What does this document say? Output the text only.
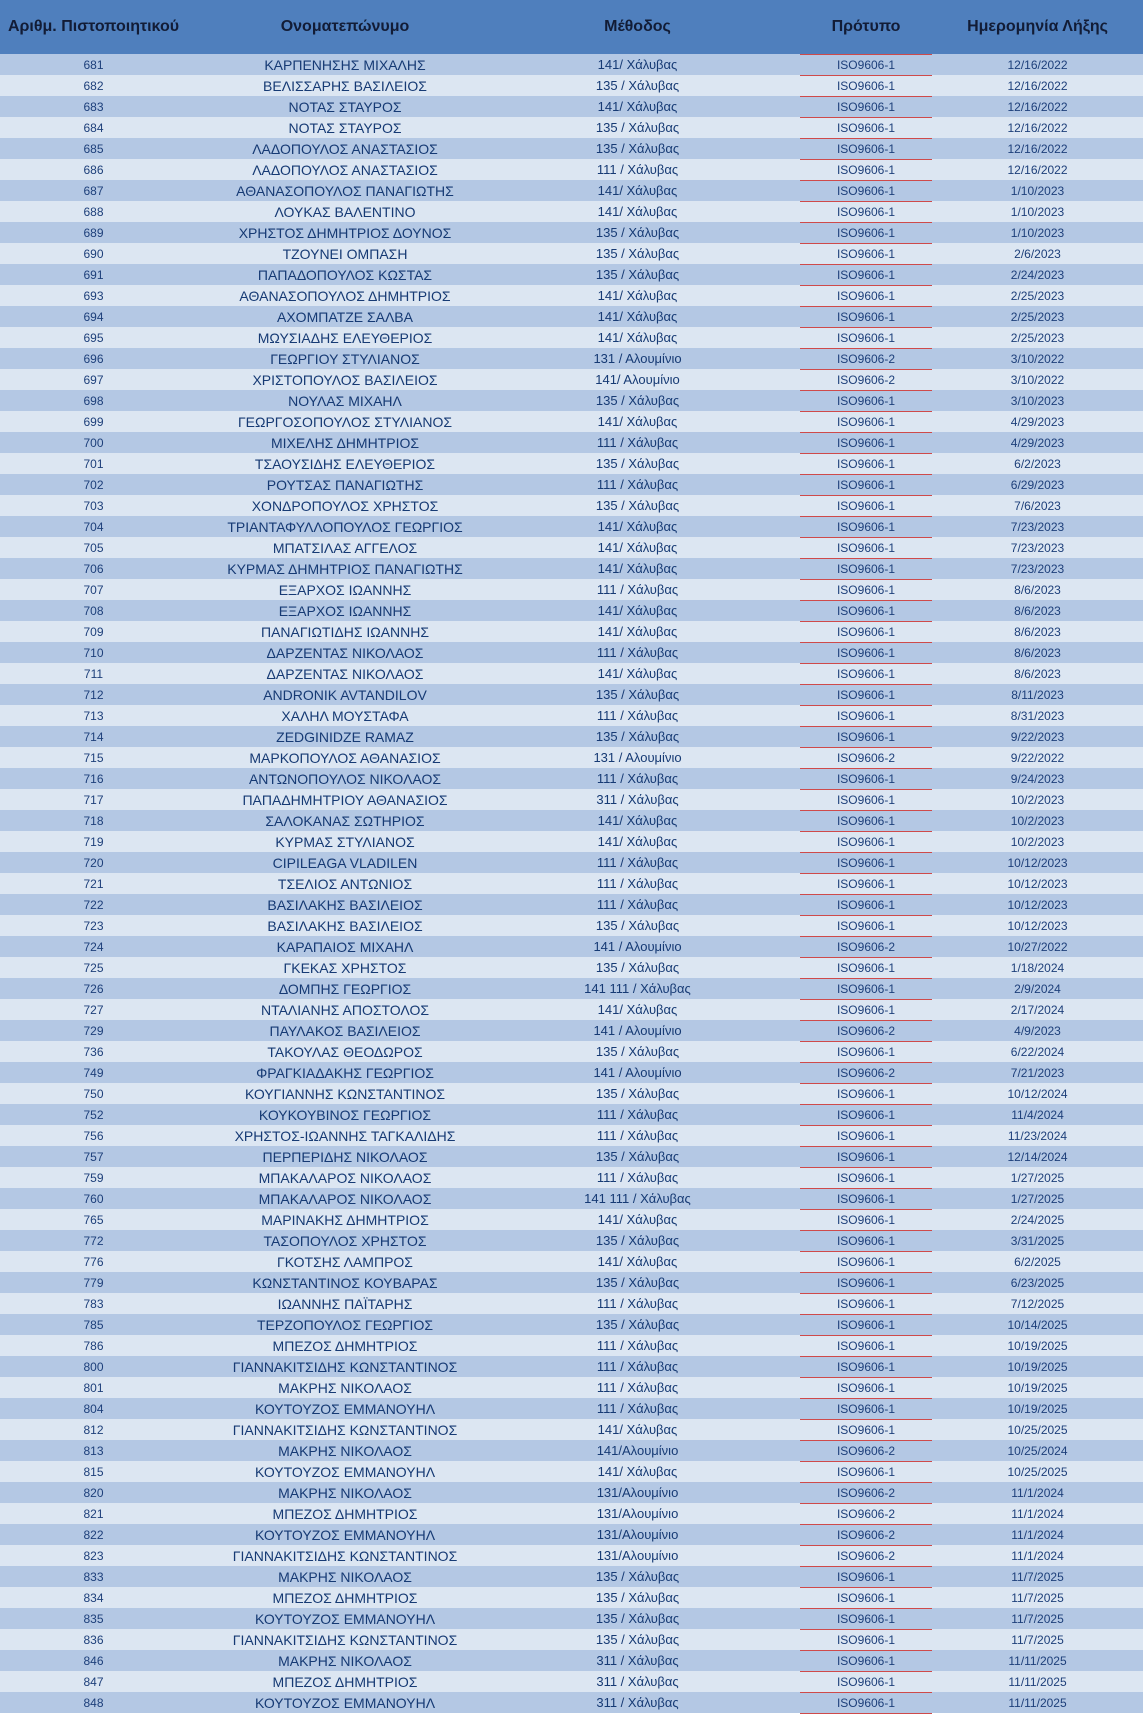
Αριθμ. Πιστοποιητικού	Ονοματεπώνυμο	Μέθοδος	Πρότυπο	Ημερομηνία Λήξης
681	ΚΑΡΠΕΝΗΣΗΣ ΜΙΧΑΛΗΣ	141/ Χάλυβας	ISO9606-1	12/16/2022
682	ΒΕΛΙΣΣΑΡΗΣ ΒΑΣΙΛΕΙΟΣ	135 / Χάλυβας	ISO9606-1	12/16/2022
683	ΝΟΤΑΣ ΣΤΑΥΡΟΣ	141/ Χάλυβας	ISO9606-1	12/16/2022
684	ΝΟΤΑΣ ΣΤΑΥΡΟΣ	135 / Χάλυβας	ISO9606-1	12/16/2022
685	ΛΑΔΟΠΟΥΛΟΣ ΑΝΑΣΤΑΣΙΟΣ	135 / Χάλυβας	ISO9606-1	12/16/2022
686	ΛΑΔΟΠΟΥΛΟΣ ΑΝΑΣΤΑΣΙΟΣ	111 / Χάλυβας	ISO9606-1	12/16/2022
687	ΑΘΑΝΑΣΟΠΟΥΛΟΣ ΠΑΝΑΓΙΩΤΗΣ	141/ Χάλυβας	ISO9606-1	1/10/2023
688	ΛΟΥΚΑΣ ΒΑΛΕΝΤΙΝΟ	141/ Χάλυβας	ISO9606-1	1/10/2023
689	ΧΡΗΣΤΟΣ ΔΗΜΗΤΡΙΟΣ ΔΟΥΝΟΣ	135 / Χάλυβας	ISO9606-1	1/10/2023
690	ΤΖΟΥΝΕΙ ΟΜΠΑΣΗ	135 / Χάλυβας	ISO9606-1	2/6/2023
691	ΠΑΠΑΔΟΠΟΥΛΟΣ ΚΩΣΤΑΣ	135 / Χάλυβας	ISO9606-1	2/24/2023
693	ΑΘΑΝΑΣΟΠΟΥΛΟΣ ΔΗΜΗΤΡΙΟΣ	141/ Χάλυβας	ISO9606-1	2/25/2023
694	ΑΧΟΜΠΑΤΖΕ ΣΑΛΒΑ	141/ Χάλυβας	ISO9606-1	2/25/2023
695	ΜΩΥΣΙΑΔΗΣ ΕΛΕΥΘΕΡΙΟΣ	141/ Χάλυβας	ISO9606-1	2/25/2023
696	ΓΕΩΡΓΙΟΥ ΣΤΥΛΙΑΝΟΣ	131 / Αλουμίνιο	ISO9606-2	3/10/2022
697	ΧΡΙΣΤΟΠΟΥΛΟΣ ΒΑΣΙΛΕΙΟΣ	141/ Αλουμίνιο	ISO9606-2	3/10/2022
698	ΝΟΥΛΑΣ ΜΙΧΑΗΛ	135 / Χάλυβας	ISO9606-1	3/10/2023
699	ΓΕΩΡΓΟΣΟΠΟΥΛΟΣ ΣΤΥΛΙΑΝΟΣ	141/ Χάλυβας	ISO9606-1	4/29/2023
700	ΜΙΧΕΛΗΣ ΔΗΜΗΤΡΙΟΣ	111 / Χάλυβας	ISO9606-1	4/29/2023
701	ΤΣΑΟΥΣΙΔΗΣ ΕΛΕΥΘΕΡΙΟΣ	135 / Χάλυβας	ISO9606-1	6/2/2023
702	ΡΟΥΤΣΑΣ ΠΑΝΑΓΙΩΤΗΣ	111 / Χάλυβας	ISO9606-1	6/29/2023
703	ΧΟΝΔΡΟΠΟΥΛΟΣ ΧΡΗΣΤΟΣ	135 / Χάλυβας	ISO9606-1	7/6/2023
704	ΤΡΙΑΝΤΑΦΥΛΛΟΠΟΥΛΟΣ ΓΕΩΡΓΙΟΣ	141/ Χάλυβας	ISO9606-1	7/23/2023
705	ΜΠΑΤΣΙΛΑΣ ΑΓΓΕΛΟΣ	141/ Χάλυβας	ISO9606-1	7/23/2023
706	ΚΥΡΜΑΣ ΔΗΜΗΤΡΙΟΣ ΠΑΝΑΓΙΩΤΗΣ	141/ Χάλυβας	ISO9606-1	7/23/2023
707	ΕΞΑΡΧΟΣ ΙΩΑΝΝΗΣ	111 / Χάλυβας	ISO9606-1	8/6/2023
708	ΕΞΑΡΧΟΣ ΙΩΑΝΝΗΣ	141/ Χάλυβας	ISO9606-1	8/6/2023
709	ΠΑΝΑΓΙΩΤΙΔΗΣ ΙΩΑΝΝΗΣ	141/ Χάλυβας	ISO9606-1	8/6/2023
710	ΔΑΡΖΕΝΤΑΣ ΝΙΚΟΛΑΟΣ	111 / Χάλυβας	ISO9606-1	8/6/2023
711	ΔΑΡΖΕΝΤΑΣ ΝΙΚΟΛΑΟΣ	141/ Χάλυβας	ISO9606-1	8/6/2023
712	ANDRONIK AVTANDILOV	135 / Χάλυβας	ISO9606-1	8/11/2023
713	ΧΑΛΗΛ ΜΟΥΣΤΑΦΑ	111 / Χάλυβας	ISO9606-1	8/31/2023
714	ZEDGINIDZE RAMAZ	135 / Χάλυβας	ISO9606-1	9/22/2023
715	ΜΑΡΚΟΠΟΥΛΟΣ ΑΘΑΝΑΣΙΟΣ	131 / Αλουμίνιο	ISO9606-2	9/22/2022
716	ΑΝΤΩΝΟΠΟΥΛΟΣ ΝΙΚΟΛΑΟΣ	111 / Χάλυβας	ISO9606-1	9/24/2023
717	ΠΑΠΑΔΗΜΗΤΡΙΟΥ ΑΘΑΝΑΣΙΟΣ	311 / Χάλυβας	ISO9606-1	10/2/2023
718	ΣΑΛΟΚΑΝΑΣ ΣΩΤΗΡΙΟΣ	141/ Χάλυβας	ISO9606-1	10/2/2023
719	ΚΥΡΜΑΣ ΣΤΥΛΙΑΝΟΣ	141/ Χάλυβας	ISO9606-1	10/2/2023
720	CIPILEAGA VLADILEN	111 / Χάλυβας	ISO9606-1	10/12/2023
721	ΤΣΕΛΙΟΣ ΑΝΤΩΝΙΟΣ	111 / Χάλυβας	ISO9606-1	10/12/2023
722	ΒΑΣΙΛΑΚΗΣ ΒΑΣΙΛΕΙΟΣ	111 / Χάλυβας	ISO9606-1	10/12/2023
723	ΒΑΣΙΛΑΚΗΣ ΒΑΣΙΛΕΙΟΣ	135 / Χάλυβας	ISO9606-1	10/12/2023
724	ΚΑΡΑΠΑΙΟΣ ΜΙΧΑΗΛ	141 / Αλουμίνιο	ISO9606-2	10/27/2022
725	ΓΚΕΚΑΣ ΧΡΗΣΤΟΣ	135 / Χάλυβας	ISO9606-1	1/18/2024
726	ΔΟΜΠΗΣ ΓΕΩΡΓΙΟΣ	141 111 / Χάλυβας	ISO9606-1	2/9/2024
727	ΝΤΑΛΙΑΝΗΣ ΑΠΟΣΤΟΛΟΣ	141/ Χάλυβας	ISO9606-1	2/17/2024
729	ΠΑΥΛΑΚΟΣ ΒΑΣΙΛΕΙΟΣ	141 / Αλουμίνιο	ISO9606-2	4/9/2023
736	ΤΑΚΟΥΛΑΣ ΘΕΟΔΩΡΟΣ	135 / Χάλυβας	ISO9606-1	6/22/2024
749	ΦΡΑΓΚΙΑΔΑΚΗΣ ΓΕΩΡΓΙΟΣ	141 / Αλουμίνιο	ISO9606-2	7/21/2023
750	ΚΟΥΓΙΑΝΝΗΣ ΚΩΝΣΤΑΝΤΙΝΟΣ	135 / Χάλυβας	ISO9606-1	10/12/2024
752	ΚΟΥΚΟΥΒΙΝΟΣ ΓΕΩΡΓΙΟΣ	111 / Χάλυβας	ISO9606-1	11/4/2024
756	ΧΡΗΣΤΟΣ-ΙΩΑΝΝΗΣ ΤΑΓΚΑΛΙΔΗΣ	111 / Χάλυβας	ISO9606-1	11/23/2024
757	ΠΕΡΠΕΡΙΔΗΣ ΝΙΚΟΛΑΟΣ	135 / Χάλυβας	ISO9606-1	12/14/2024
759	ΜΠΑΚΑΛΑΡΟΣ ΝΙΚΟΛΑΟΣ	111 / Χάλυβας	ISO9606-1	1/27/2025
760	ΜΠΑΚΑΛΑΡΟΣ ΝΙΚΟΛΑΟΣ	141 111 / Χάλυβας	ISO9606-1	1/27/2025
765	ΜΑΡΙΝΑΚΗΣ ΔΗΜΗΤΡΙΟΣ	141/ Χάλυβας	ISO9606-1	2/24/2025
772	ΤΑΣΟΠΟΥΛΟΣ ΧΡΗΣΤΟΣ	135 / Χάλυβας	ISO9606-1	3/31/2025
776	ΓΚΟΤΣΗΣ ΛΑΜΠΡΟΣ	141/ Χάλυβας	ISO9606-1	6/2/2025
779	ΚΩΝΣΤΑΝΤΙΝΟΣ ΚΟΥΒΑΡΑΣ	135 / Χάλυβας	ISO9606-1	6/23/2025
783	ΙΩΑΝΝΗΣ ΠΑΪΤΑΡΗΣ	111 / Χάλυβας	ISO9606-1	7/12/2025
785	ΤΕΡΖΟΠΟΥΛΟΣ ΓΕΩΡΓΙΟΣ	135 / Χάλυβας	ISO9606-1	10/14/2025
786	ΜΠΕΖΟΣ ΔΗΜΗΤΡΙΟΣ	111 / Χάλυβας	ISO9606-1	10/19/2025
800	ΓΙΑΝΝΑΚΙΤΣΙΔΗΣ ΚΩΝΣΤΑΝΤΙΝΟΣ	111 / Χάλυβας	ISO9606-1	10/19/2025
801	ΜΑΚΡΗΣ ΝΙΚΟΛΑΟΣ	111 / Χάλυβας	ISO9606-1	10/19/2025
804	ΚΟΥΤΟΥΖΟΣ ΕΜΜΑΝΟΥΗΛ	111 / Χάλυβας	ISO9606-1	10/19/2025
812	ΓΙΑΝΝΑΚΙΤΣΙΔΗΣ ΚΩΝΣΤΑΝΤΙΝΟΣ	141/ Χάλυβας	ISO9606-1	10/25/2025
813	ΜΑΚΡΗΣ ΝΙΚΟΛΑΟΣ	141/Αλουμίνιο	ISO9606-2	10/25/2024
815	ΚΟΥΤΟΥΖΟΣ ΕΜΜΑΝΟΥΗΛ	141/ Χάλυβας	ISO9606-1	10/25/2025
820	ΜΑΚΡΗΣ ΝΙΚΟΛΑΟΣ	131/Αλουμίνιο	ISO9606-2	11/1/2024
821	ΜΠΕΖΟΣ ΔΗΜΗΤΡΙΟΣ	131/Αλουμίνιο	ISO9606-2	11/1/2024
822	ΚΟΥΤΟΥΖΟΣ ΕΜΜΑΝΟΥΗΛ	131/Αλουμίνιο	ISO9606-2	11/1/2024
823	ΓΙΑΝΝΑΚΙΤΣΙΔΗΣ ΚΩΝΣΤΑΝΤΙΝΟΣ	131/Αλουμίνιο	ISO9606-2	11/1/2024
833	ΜΑΚΡΗΣ ΝΙΚΟΛΑΟΣ	135 / Χάλυβας	ISO9606-1	11/7/2025
834	ΜΠΕΖΟΣ ΔΗΜΗΤΡΙΟΣ	135 / Χάλυβας	ISO9606-1	11/7/2025
835	ΚΟΥΤΟΥΖΟΣ ΕΜΜΑΝΟΥΗΛ	135 / Χάλυβας	ISO9606-1	11/7/2025
836	ΓΙΑΝΝΑΚΙΤΣΙΔΗΣ ΚΩΝΣΤΑΝΤΙΝΟΣ	135 / Χάλυβας	ISO9606-1	11/7/2025
846	ΜΑΚΡΗΣ ΝΙΚΟΛΑΟΣ	311 / Χάλυβας	ISO9606-1	11/11/2025
847	ΜΠΕΖΟΣ ΔΗΜΗΤΡΙΟΣ	311 / Χάλυβας	ISO9606-1	11/11/2025
848	ΚΟΥΤΟΥΖΟΣ ΕΜΜΑΝΟΥΗΛ	311 / Χάλυβας	ISO9606-1	11/11/2025
